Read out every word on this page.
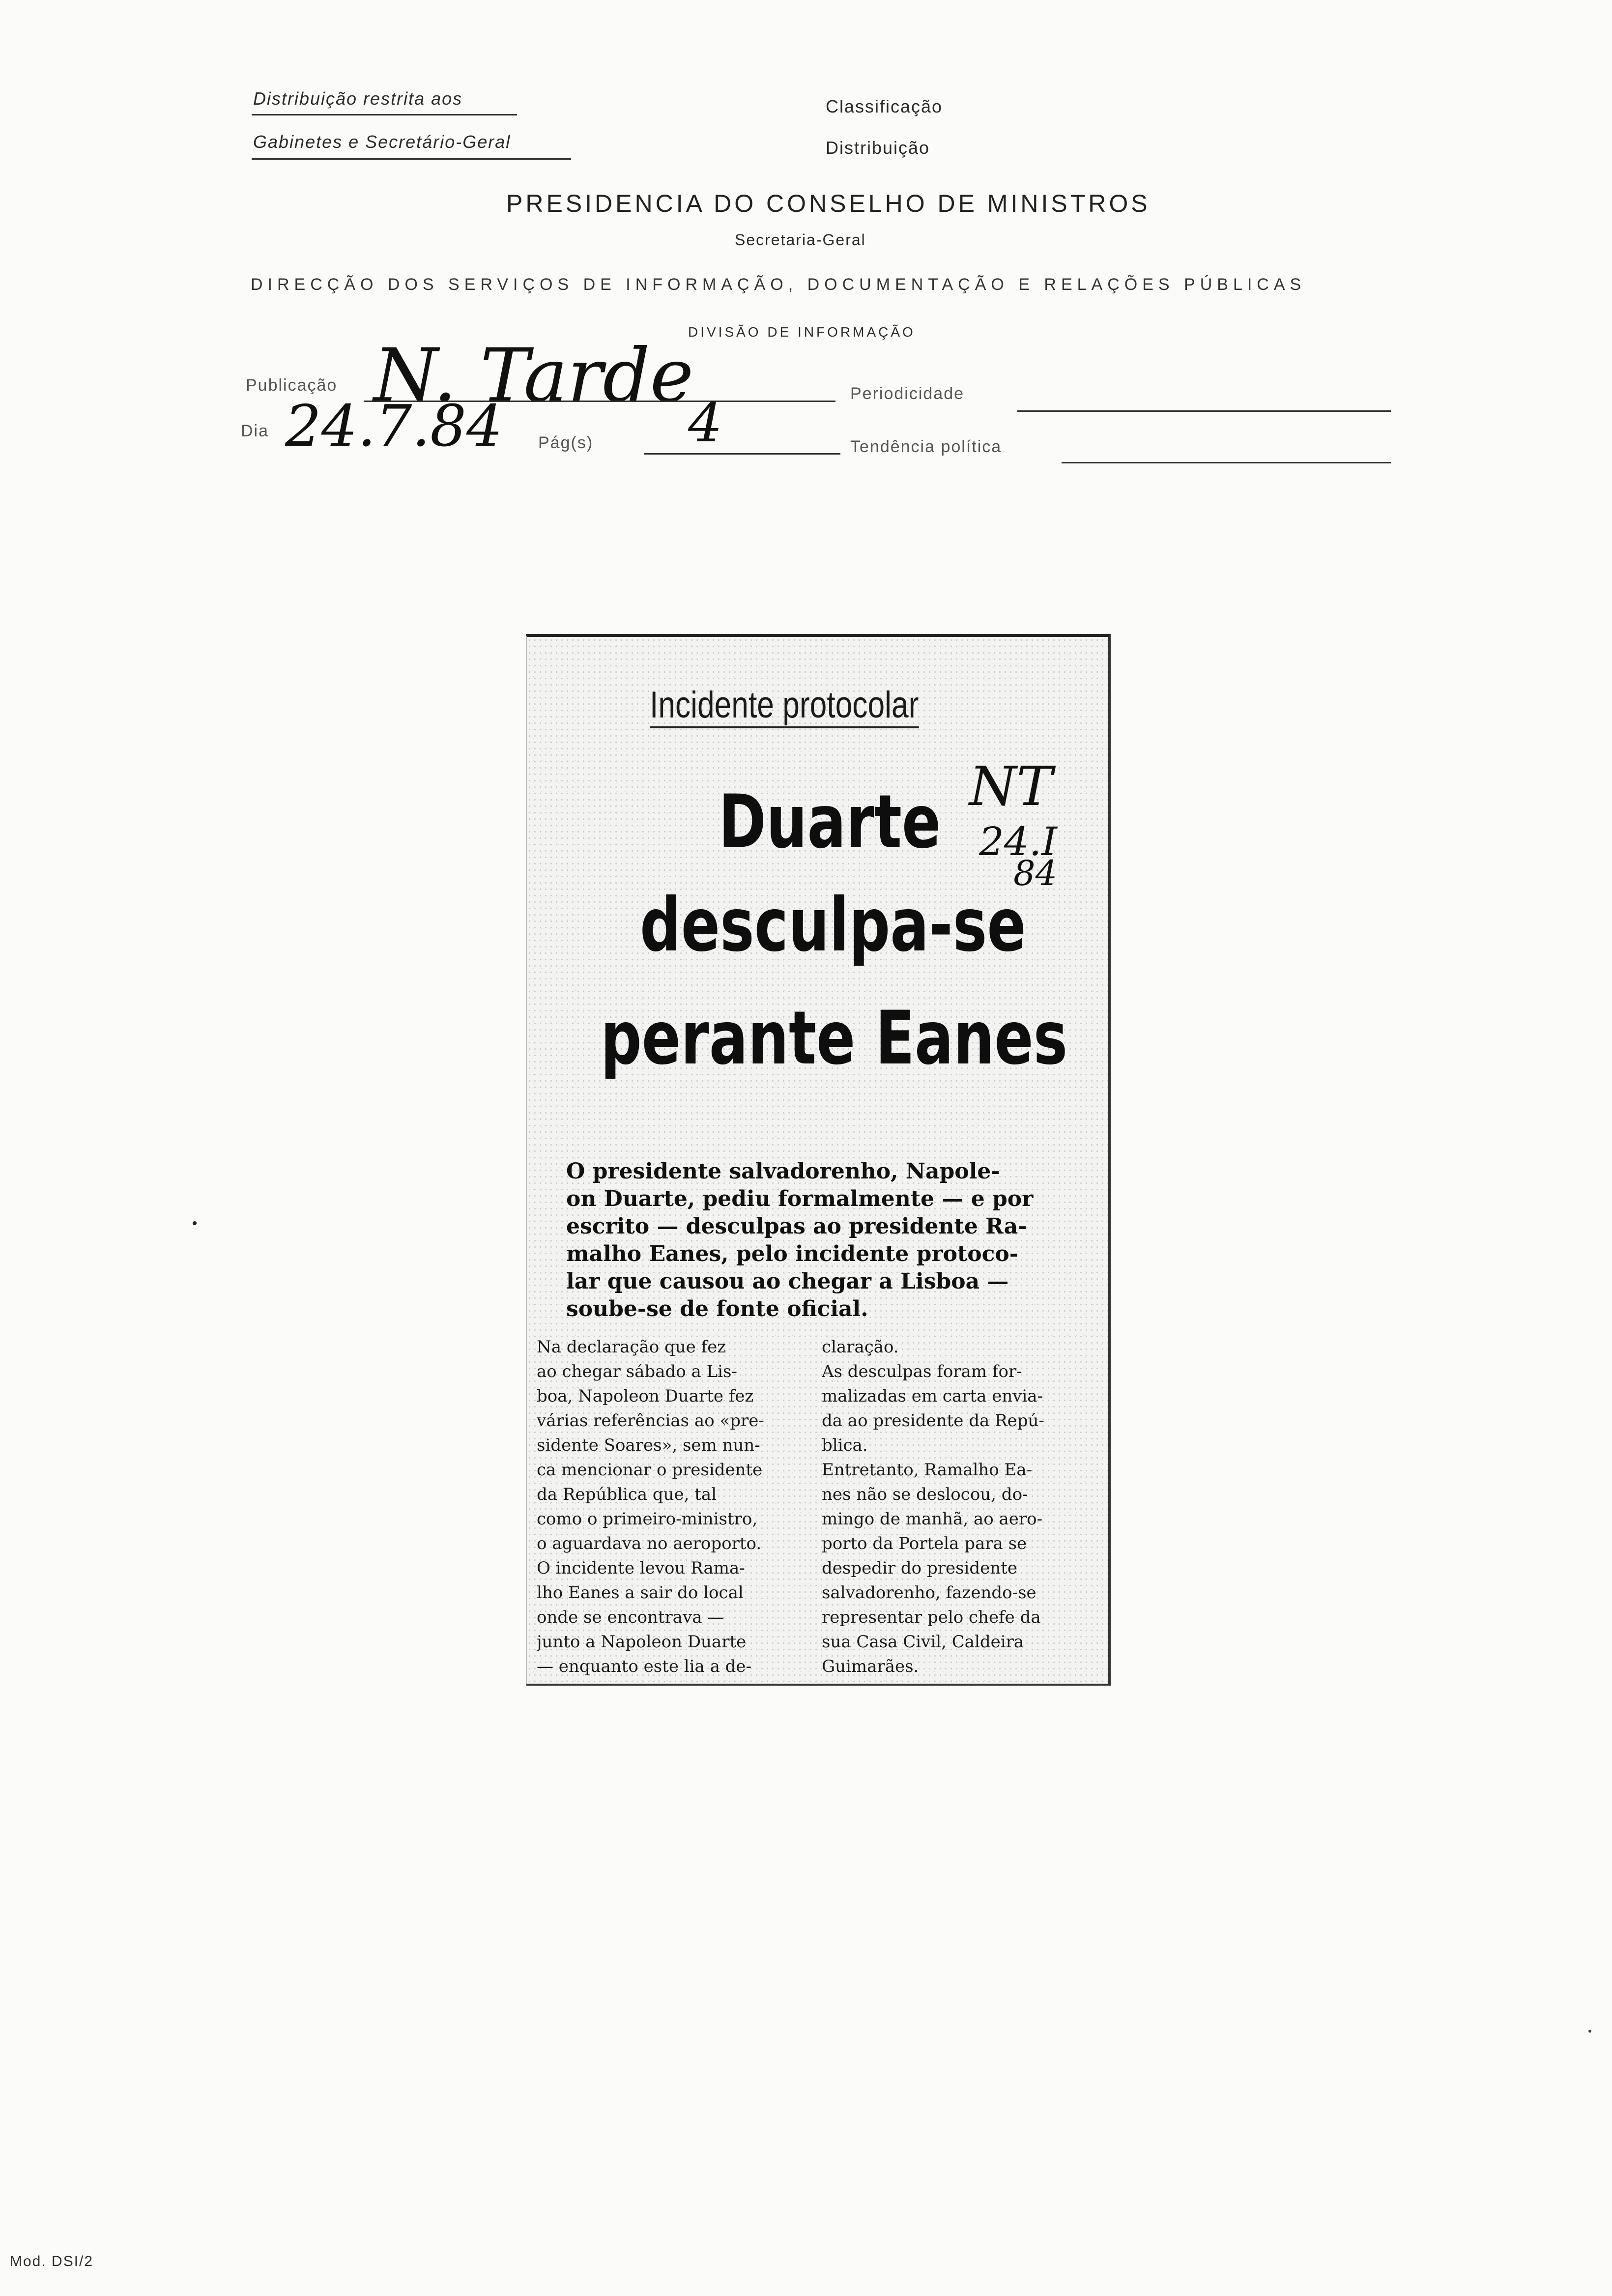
Distribuição restrita aos
Gabinetes e Secretário-Geral
Classificação
Distribuição
PRESIDENCIA DO CONSELHO DE MINISTROS
Secretaria-Geral
DIRECÇÃO DOS SERVIÇOS DE INFORMAÇÃO, DOCUMENTAÇÃO E RELAÇÕES PÚBLICAS
DIVISÃO DE INFORMAÇÃO
Publicação N. Tarde	Periodicidade
Dia 24.7.84 Pág(s) 4	Tendência política
Incidente protocolar
Duarte
desculpa-se
perante Eanes
NT
24.I
84
O presidente salvadorenho, Napole-
on Duarte, pediu formalmente — e por
escrito — desculpas ao presidente Ra-
malho Eanes, pelo incidente protoco-
lar que causou ao chegar a Lisboa —
soube-se de fonte oficial.
Na declaração que fez
ao chegar sábado a Lis-
boa, Napoleon Duarte fez
várias referências ao «pre-
sidente Soares», sem nun-
ca mencionar o presidente
da República que, tal
como o primeiro-ministro,
o aguardava no aeroporto.
O incidente levou Rama-
lho Eanes a sair do local
onde se encontrava —
junto a Napoleon Duarte
— enquanto este lia a de-
claração.
As desculpas foram for-
malizadas em carta envia-
da ao presidente da Repú-
blica.
Entretanto, Ramalho Ea-
nes não se deslocou, do-
mingo de manhã, ao aero-
porto da Portela para se
despedir do presidente
salvadorenho, fazendo-se
representar pelo chefe da
sua Casa Civil, Caldeira
Guimarães.
Mod. DSI/2
